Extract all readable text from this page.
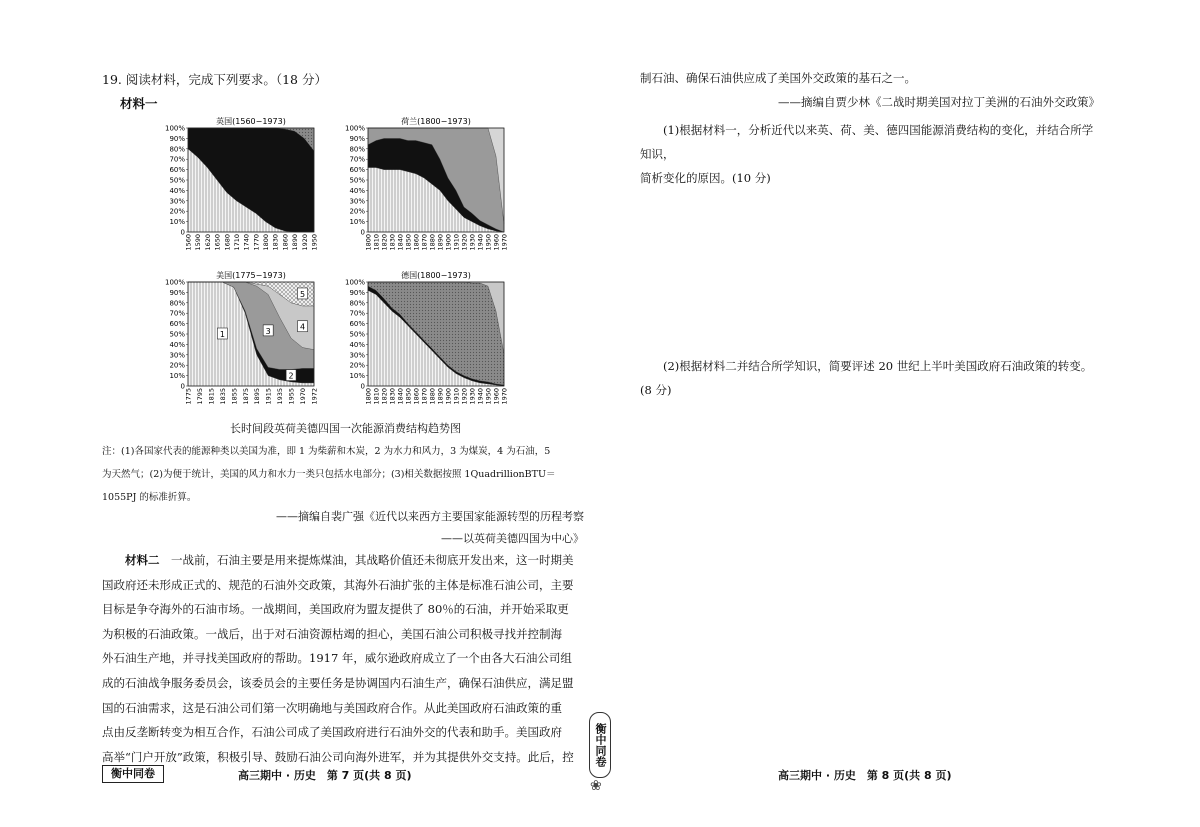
19. 阅读材料，完成下列要求。（18 分）
材料一
英国(1560−1973)
100%
90%
80%
70%
60%
50%
40%
30%
20%
10%
0
1560 1590 1620 1650 1680 1710 1740 1770 1800 1830 1860 1890 1920 1950
荷兰(1800−1973)
100%
90%
80%
70%
60%
50%
40%
30%
20%
10%
0
1800 1810 1820 1830 1840 1850 1860 1870 1880 1890 1900 1910 1920 1930 1940 1950 1960 1970
美国(1775−1973)
100%
90%
80%
70%
60%
50%
40%
30%
20%
10%
0
1775 1795 1815 1835 1855 1875 1895 1915 1935 1955 1970 1972
1
2
3	4
5
德国(1800−1973)
100%
90%
80%
70%
60%
50%
40%
30%
20%
10%
0
1800 1810 1820 1830 1840 1850 1860 1870 1880 1890 1900 1910 1920 1930 1940 1950 1960 1970
长时间段英荷美德四国一次能源消费结构趋势图
注：(1)各国家代表的能源种类以美国为准，即 1 为柴薪和木炭，2 为水力和风力，3 为煤炭，4 为石油，5
为天然气；(2)为便于统计，美国的风力和水力一类只包括水电部分；(3)相关数据按照 1QuadrillionBTU＝
1055PJ 的标准折算。
——摘编自裴广强《近代以来西方主要国家能源转型的历程考察
——以英荷美德四国为中心》
材料二　 一战前，石油主要是用来提炼煤油，其战略价值还未彻底开发出来，这一时期美
国政府还未形成正式的、规范的石油外交政策，其海外石油扩张的主体是标准石油公司，主要
目标是争夺海外的石油市场。一战期间，美国政府为盟友提供了 80％的石油，并开始采取更
为积极的石油政策。一战后，出于对石油资源枯竭的担心，美国石油公司积极寻找并控制海
外石油生产地，并寻找美国政府的帮助。1917 年，威尔逊政府成立了一个由各大石油公司组
成的石油战争服务委员会，该委员会的主要任务是协调国内石油生产，确保石油供应，满足盟
国的石油需求，这是石油公司们第一次明确地与美国政府合作。从此美国政府石油政策的重
点由反垄断转变为相互合作，石油公司成了美国政府进行石油外交的代表和助手。美国政府
高举“门户开放”政策，积极引导、鼓励石油公司向海外进军，并为其提供外交支持。此后，控
衡中同卷	高三期中 · 历史　第 7 页(共 8 页)
衡中同卷
❀
制石油、确保石油供应成了美国外交政策的基石之一。
——摘编自贾少林《二战时期美国对拉丁美洲的石油外交政策》
(1)根据材料一，分析近代以来英、荷、美、德四国能源消费结构的变化，并结合所学知识，
简析变化的原因。(10 分)
(2)根据材料二并结合所学知识，简要评述 20 世纪上半叶美国政府石油政策的转变。
(8 分)
高三期中 · 历史　第 8 页(共 8 页)
